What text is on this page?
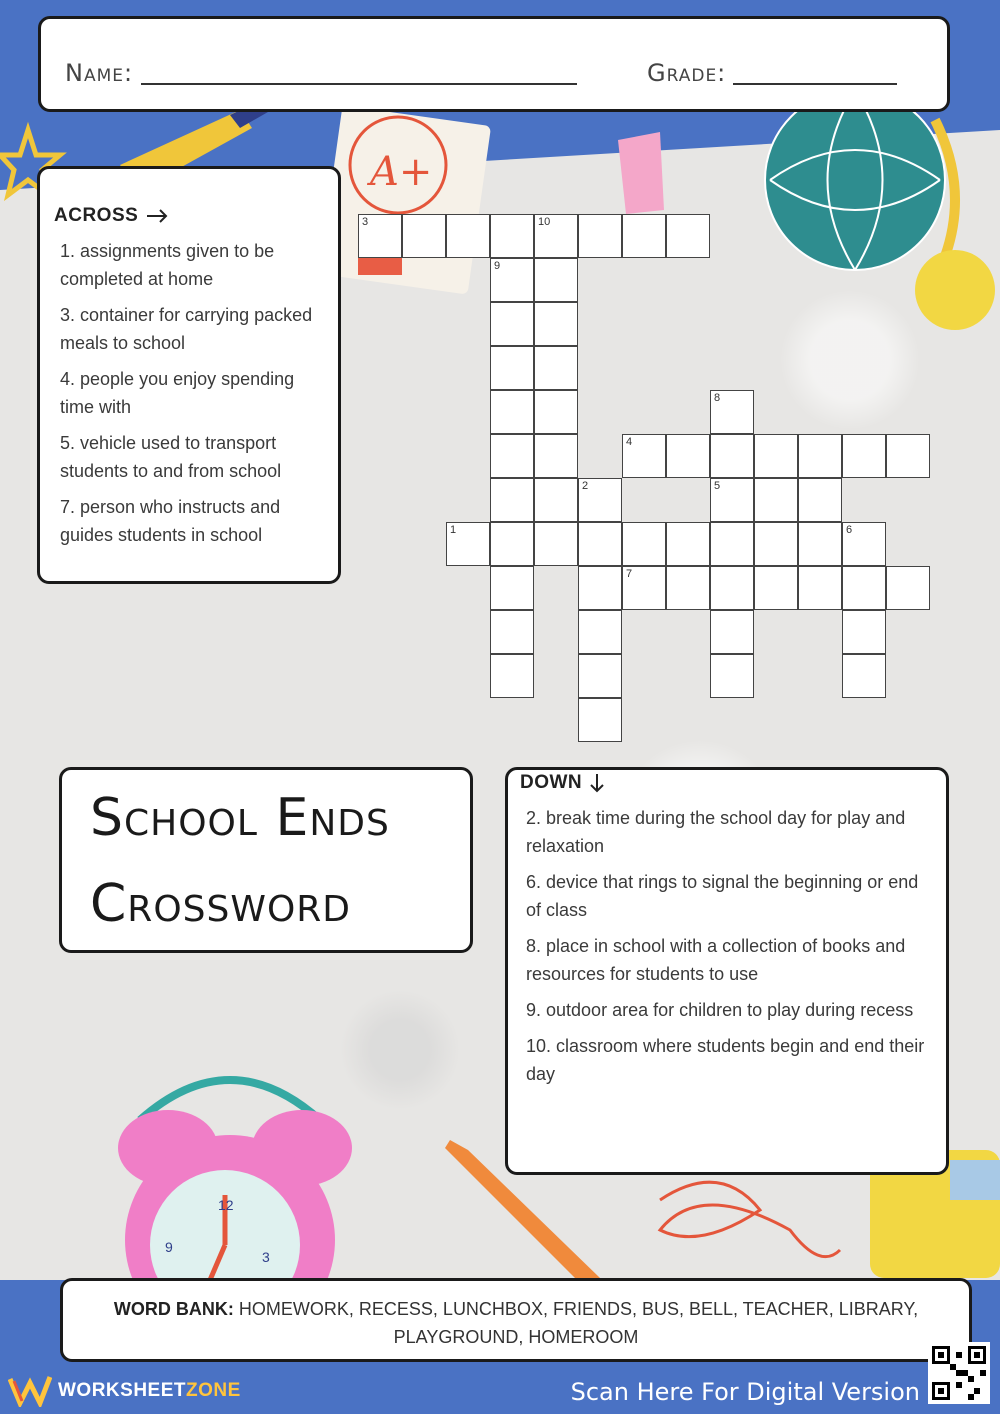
A+
12
9
3
Name:	Grade:
ACROSS
1. assignments given to be completed at home
3. container for carrying packed meals to school
4. people you enjoy spending time with
5. vehicle used to transport students to and from school
7. person who instructs and guides students in school
3	10
9
8
5
4
2
1	6
7
School Ends
Crossword
DOWN
2. break time during the school day for play and relaxation
6. device that rings to signal the beginning or end of class
8. place in school with a collection of books and resources for students to use
9. outdoor area for children to play during recess
10. classroom where students begin and end their day
WORD BANK: HOMEWORK, RECESS, LUNCHBOX, FRIENDS, BUS, BELL, TEACHER, LIBRARY, PLAYGROUND, HOMEROOM
WORKSHEETZONE	Scan Here For Digital Version
